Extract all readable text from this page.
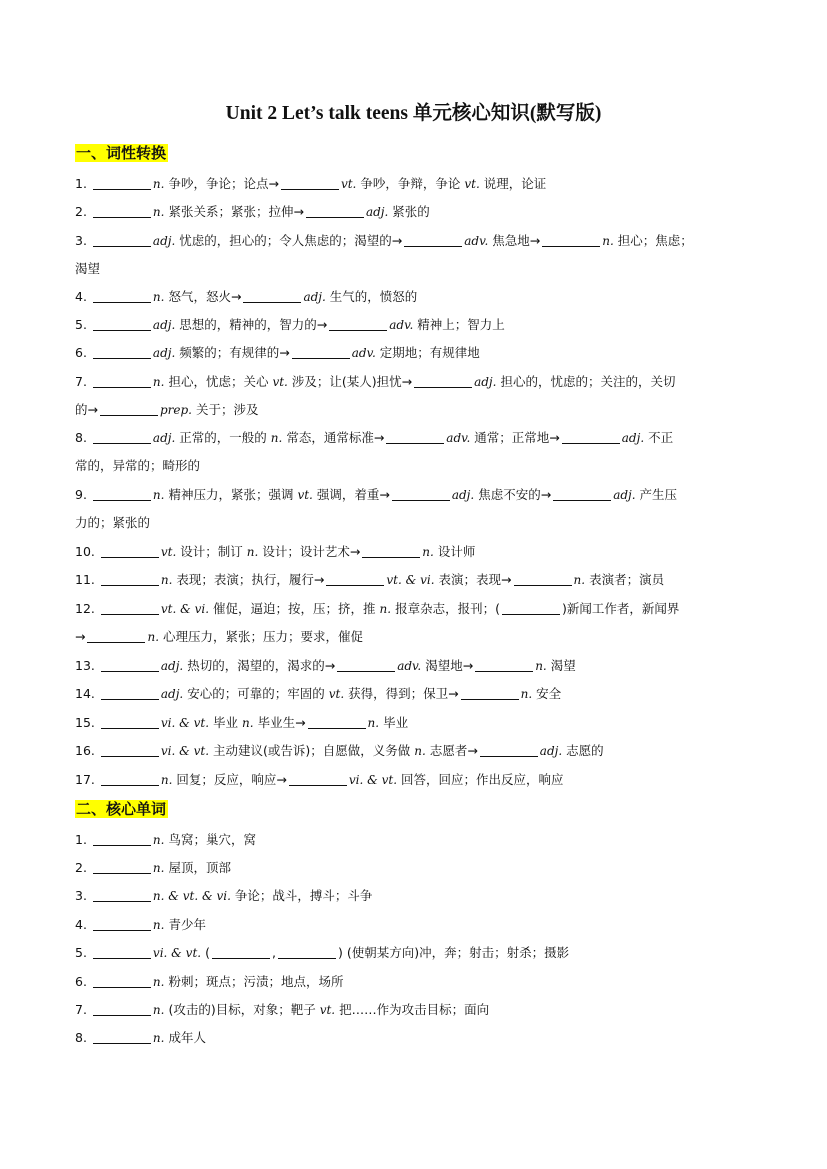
Unit 2 Let’s talk teens 单元核心知识(默写版)
一、词性转换
1.	n. 争吵，争论；论点→	vt. 争吵，争辩，争论 vt. 说理，论证
2.	n. 紧张关系；紧张；拉伸→	adj. 紧张的
3.	adj. 忧虑的，担心的；令人焦虑的；渴望的→	adv. 焦急地→	n. 担心；焦虑；
渴望
4.	n. 怒气，怒火→	adj. 生气的，愤怒的
5.	adj. 思想的，精神的，智力的→	adv. 精神上；智力上
6.	adj. 频繁的；有规律的→	adv. 定期地；有规律地
7.	n. 担心，忧虑；关心 vt. 涉及；让(某人)担忧→	adj. 担心的，忧虑的；关注的，关切
的→	prep. 关于；涉及
8.	adj. 正常的，一般的 n. 常态，通常标准→	adv. 通常；正常地→	adj. 不正
常的，异常的；畸形的
9.	n. 精神压力，紧张；强调 vt. 强调，着重→	adj. 焦虑不安的→	adj. 产生压
力的；紧张的
10.	vt. 设计；制订 n. 设计；设计艺术→	n. 设计师
11.	n. 表现；表演；执行，履行→	vt. & vi. 表演；表现→	n. 表演者；演员
12.	vt. & vi. 催促，逼迫；按，压；挤，推 n. 报章杂志，报刊；(	)新闻工作者，新闻界
→	n. 心理压力，紧张；压力；要求，催促
13.	adj. 热切的，渴望的，渴求的→	adv. 渴望地→	n. 渴望
14.	adj. 安心的；可靠的；牢固的 vt. 获得，得到；保卫→	n. 安全
15.	vi. & vt. 毕业 n. 毕业生→	n. 毕业
16.	vi. & vt. 主动建议(或告诉)；自愿做，义务做 n. 志愿者→	adj. 志愿的
17.	n. 回复；反应，响应→	vi. & vt. 回答，回应；作出反应，响应
二、核心单词
1.	n. 鸟窝；巢穴，窝
2.	n. 屋顶，顶部
3.	n. & vt. & vi. 争论；战斗，搏斗；斗争
4.	n. 青少年
5.	vi. & vt. (	,	) (使朝某方向)冲，奔；射击；射杀；摄影
6.	n. 粉刺；斑点；污渍；地点，场所
7.	n. (攻击的)目标，对象；靶子 vt. 把……作为攻击目标；面向
8.	n. 成年人
